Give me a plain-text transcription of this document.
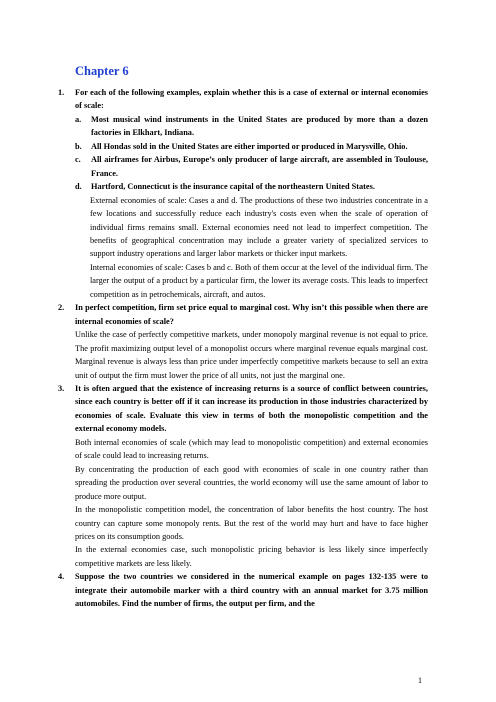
Chapter 6
1.	For each of the following examples, explain whether this is a case of external or internal economies of scale:
a.	Most musical wind instruments in the United States are produced by more than a dozen factories in Elkhart, Indiana.
b.	All Hondas sold in the United States are either imported or produced in Marysville, Ohio.
c.	All airframes for Airbus, Europe’s only producer of large aircraft, are assembled in Toulouse, France.
d.	Hartford, Connecticut is the insurance capital of the northeastern United States.
External economies of scale: Cases a and d. The productions of these two industries concentrate in a few locations and successfully reduce each industry's costs even when the scale of operation of individual firms remains small. External economies need not lead to imperfect competition. The benefits of geographical concentration may include a greater variety of specialized services to support industry operations and larger labor markets or thicker input markets.
Internal economies of scale: Cases b and c. Both of them occur at the level of the individual firm. The larger the output of a product by a particular firm, the lower its average costs. This leads to imperfect competition as in petrochemicals, aircraft, and autos.
2.	In perfect competition, firm set price equal to marginal cost. Why isn’t this possible when there are internal economies of scale?
Unlike the case of perfectly competitive markets, under monopoly marginal revenue is not equal to price. The profit maximizing output level of a monopolist occurs where marginal revenue equals marginal cost. Marginal revenue is always less than price under imperfectly competitive markets because to sell an extra unit of output the firm must lower the price of all units, not just the marginal one.
3.	It is often argued that the existence of increasing returns is a source of conflict between countries, since each country is better off if it can increase its production in those industries characterized by economies of scale. Evaluate this view in terms of both the monopolistic competition and the external economy models.
Both internal economies of scale (which may lead to monopolistic competition) and external economies of scale could lead to increasing returns.
By concentrating the production of each good with economies of scale in one country rather than spreading the production over several countries, the world economy will use the same amount of labor to produce more output.
In the monopolistic competition model, the concentration of labor benefits the host country. The host country can capture some monopoly rents. But the rest of the world may hurt and have to face higher prices on its consumption goods.
In the external economies case, such monopolistic pricing behavior is less likely since imperfectly competitive markets are less likely.
4.	Suppose the two countries we considered in the numerical example on pages 132-135 were to integrate their automobile marker with a third country with an annual market for 3.75 million automobiles. Find the number of firms, the output per firm, and the
1
